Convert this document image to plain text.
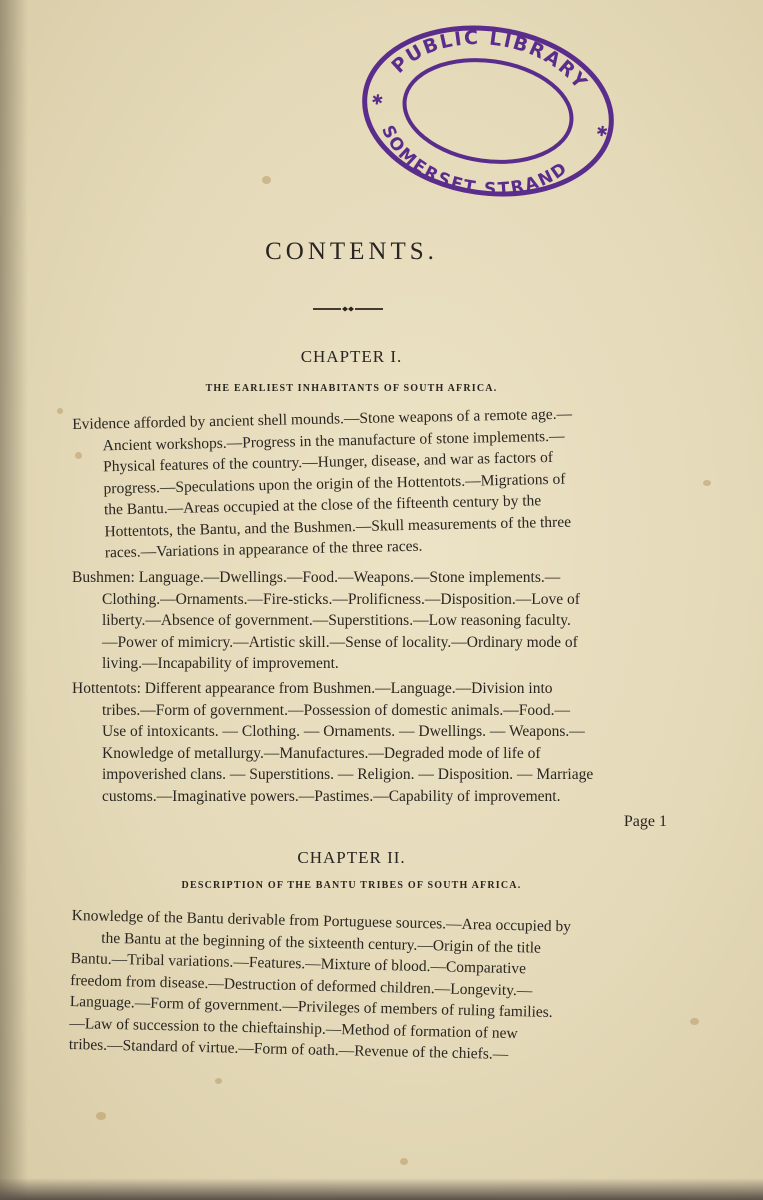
PUBLIC LIBRARY
SOMERSET STRAND
✱
✱
CONTENTS.
CHAPTER I.
THE EARLIEST INHABITANTS OF SOUTH AFRICA.

Evidence afforded by ancient shell mounds.—Stone weapons of a remote age.—
Ancient workshops.—Progress in the manufacture of stone implements.—
Physical features of the country.—Hunger, disease, and war as factors of
progress.—Speculations upon the origin of the Hottentots.—Migrations of
the Bantu.—Areas occupied at the close of the fifteenth century by the
Hottentots, the Bantu, and the Bushmen.—Skull measurements of the three
races.—Variations in appearance of the three races.

Bushmen: Language.—Dwellings.—Food.—Weapons.—Stone implements.—
Clothing.—Ornaments.—Fire-sticks.—Prolificness.—Disposition.—Love of
liberty.—Absence of government.—Superstitions.—Low reasoning faculty.
—Power of mimicry.—Artistic skill.—Sense of locality.—Ordinary mode of
living.—Incapability of improvement.

Hottentots: Different appearance from Bushmen.—Language.—Division into
tribes.—Form of government.—Possession of domestic animals.—Food.—
Use of intoxicants. — Clothing. — Ornaments. — Dwellings. — Weapons.—
Knowledge of metallurgy.—Manufactures.—Degraded mode of life of
impoverished clans. — Superstitions. — Religion. — Disposition. — Marriage
customs.—Imaginative powers.—Pastimes.—Capability of improvement.

Page 1
CHAPTER II.
DESCRIPTION OF THE BANTU TRIBES OF SOUTH AFRICA.

Knowledge of the Bantu derivable from Portuguese sources.—Area occupied by
the Bantu at the beginning of the sixteenth century.—Origin of the title
Bantu.—Tribal variations.—Features.—Mixture of blood.—Comparative
freedom from disease.—Destruction of deformed children.—Longevity.—
Language.—Form of government.—Privileges of members of ruling families.
—Law of succession to the chieftainship.—Method of formation of new
tribes.—Standard of virtue.—Form of oath.—Revenue of the chiefs.—
